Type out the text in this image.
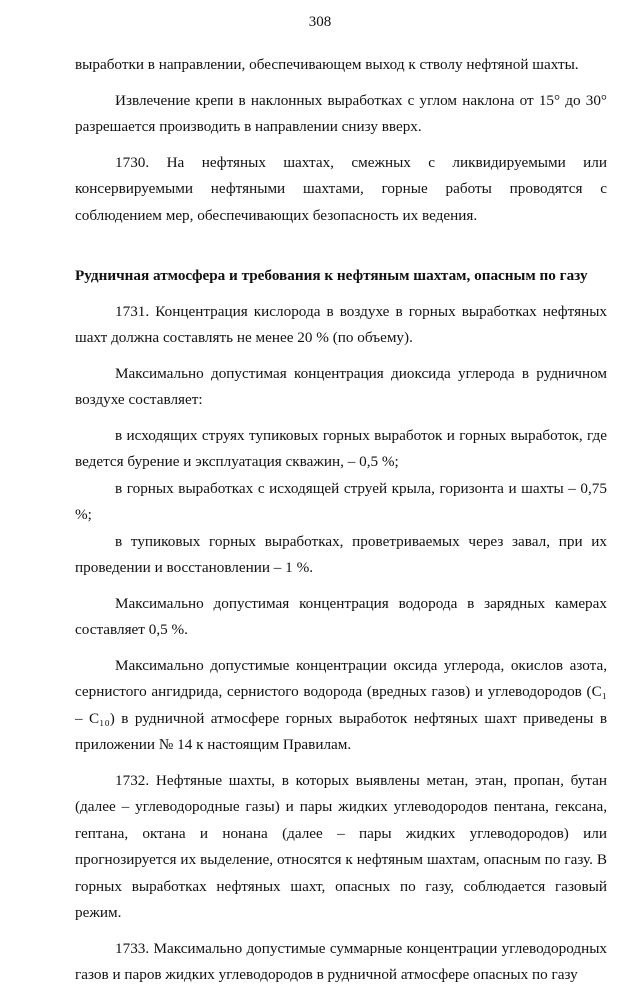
308

выработки в направлении, обеспечивающем выход к стволу нефтяной шахты.

Извлечение крепи в наклонных выработках с углом наклона от 15° до 30° разрешается производить в направлении снизу вверх.

1730. На нефтяных шахтах, смежных с ликвидируемыми или консервируемыми нефтяными шахтами, горные работы проводятся с соблюдением мер, обеспечивающих безопасность их ведения.

Рудничная атмосфера и требования к нефтяным шахтам, опасным по газу

1731. Концентрация кислорода в воздухе в горных выработках нефтяных шахт должна составлять не менее 20 % (по объему).

Максимально допустимая концентрация диоксида углерода в рудничном воздухе составляет:

в исходящих струях тупиковых горных выработок и горных выработок, где ведется бурение и эксплуатация скважин, – 0,5 %;

в горных выработках с исходящей струей крыла, горизонта и шахты – 0,75 %;

в тупиковых горных выработках, проветриваемых через завал, при их проведении и восстановлении – 1 %.

Максимально допустимая концентрация водорода в зарядных камерах составляет 0,5 %.

Максимально допустимые концентрации оксида углерода, окислов азота, сернистого ангидрида, сернистого водорода (вредных газов) и углеводородов (C₁ – C₁₀) в рудничной атмосфере горных выработок нефтяных шахт приведены в приложении № 14 к настоящим Правилам.

1732. Нефтяные шахты, в которых выявлены метан, этан, пропан, бутан (далее – углеводородные газы) и пары жидких углеводородов пентана, гексана, гептана, октана и нонана (далее – пары жидких углеводородов) или прогнозируется их выделение, относятся к нефтяным шахтам, опасным по газу. В горных выработках нефтяных шахт, опасных по газу, соблюдается газовый режим.

1733. Максимально допустимые суммарные концентрации углеводородных газов и паров жидких углеводородов в рудничной атмосфере опасных по газу
